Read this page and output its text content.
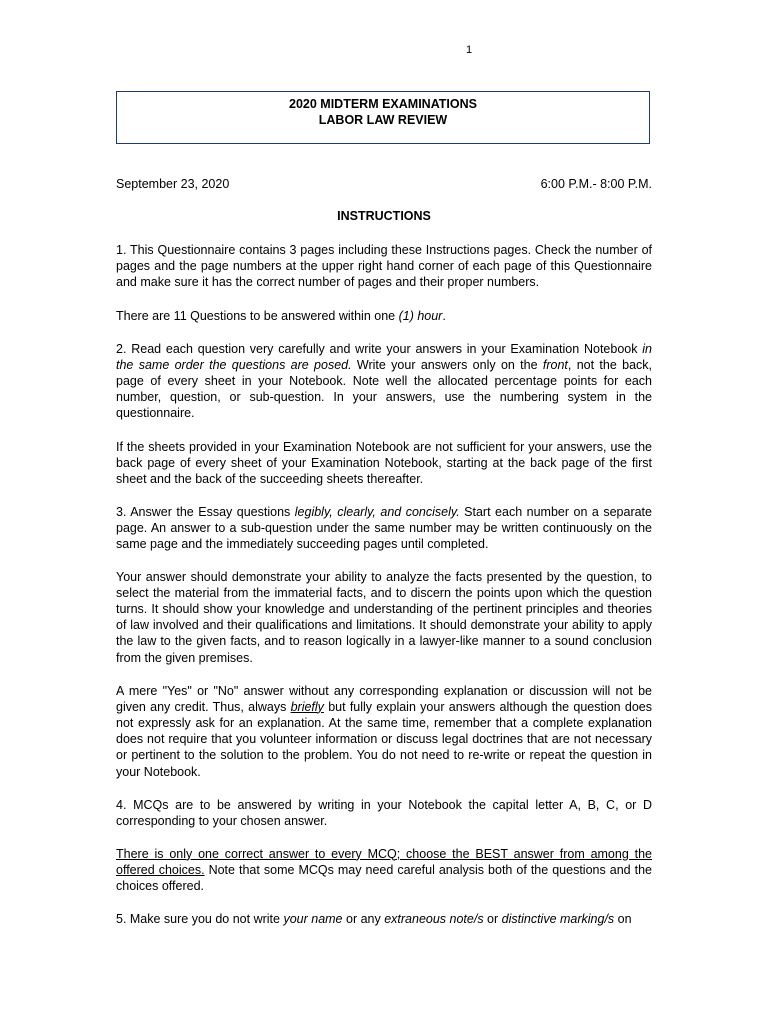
1
2020 MIDTERM EXAMINATIONS
LABOR LAW REVIEW
September 23, 2020	6:00 P.M.- 8:00 P.M.
INSTRUCTIONS

1. This Questionnaire contains 3 pages including these Instructions pages. Check the number of pages and the page numbers at the upper right hand corner of each page of this Questionnaire and make sure it has the correct number of pages and their proper numbers.

There are 11 Questions to be answered within one (1) hour.

2. Read each question very carefully and write your answers in your Examination Notebook in the same order the questions are posed. Write your answers only on the front, not the back, page of every sheet in your Notebook. Note well the allocated percentage points for each number, question, or sub-question. In your answers, use the numbering system in the questionnaire.

If the sheets provided in your Examination Notebook are not sufficient for your answers, use the back page of every sheet of your Examination Notebook, starting at the back page of the first sheet and the back of the succeeding sheets thereafter.

3. Answer the Essay questions legibly, clearly, and concisely. Start each number on a separate page. An answer to a sub-question under the same number may be written continuously on the same page and the immediately succeeding pages until completed.

Your answer should demonstrate your ability to analyze the facts presented by the question, to select the material from the immaterial facts, and to discern the points upon which the question turns. It should show your knowledge and understanding of the pertinent principles and theories of law involved and their qualifications and limitations. It should demonstrate your ability to apply the law to the given facts, and to reason logically in a lawyer-like manner to a sound conclusion from the given premises.

A mere "Yes" or "No" answer without any corresponding explanation or discussion will not be given any credit. Thus, always briefly but fully explain your answers although the question does not expressly ask for an explanation. At the same time, remember that a complete explanation does not require that you volunteer information or discuss legal doctrines that are not necessary or pertinent to the solution to the problem. You do not need to re-write or repeat the question in your Notebook.

4. MCQs are to be answered by writing in your Notebook the capital letter A, B, C, or D corresponding to your chosen answer.

There is only one correct answer to every MCQ; choose the BEST answer from among the offered choices. Note that some MCQs may need careful analysis both of the questions and the choices offered.

5. Make sure you do not write your name or any extraneous note/s or distinctive marking/s on
